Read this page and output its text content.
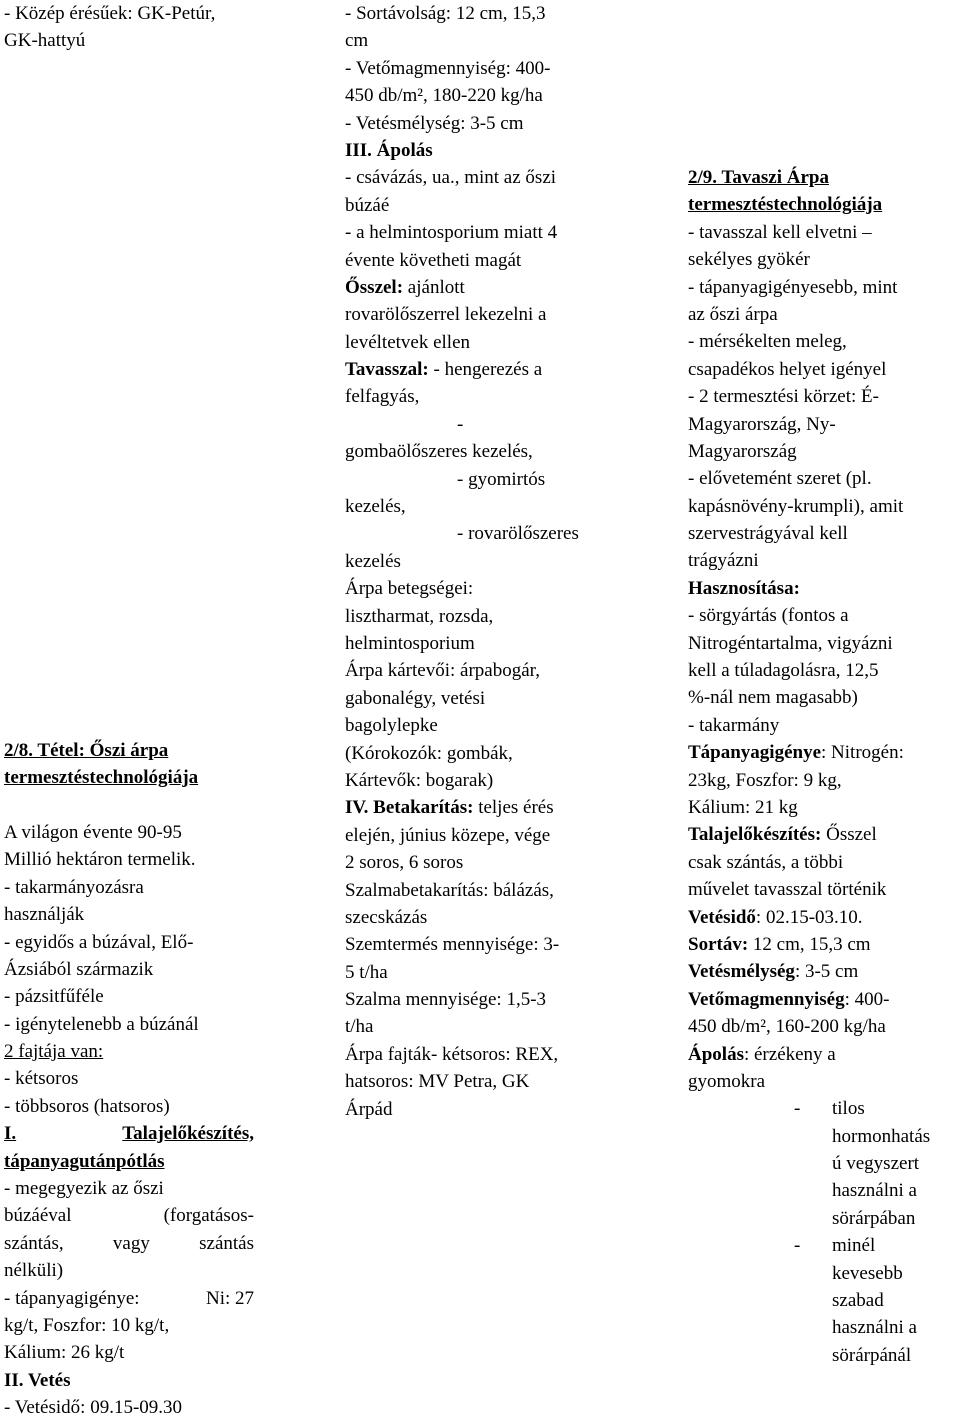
- Közép érésűek: GK-Petúr,
GK-hattyú
2/8. Tétel: Őszi árpa
termesztéstechnológiája
A világon évente 90-95
Millió hektáron termelik.
- takarmányozásra
használják
- egyidős a búzával, Elő-
Ázsiából származik
- pázsitfűféle
- igénytelenebb a búzánál
2 fajtája van:
- kétsoros
- többsoros (hatsoros)
I.	Talajelőkészítés,
tápanyagutánpótlás
- megegyezik az őszi
búzáéval	(forgatásos-
szántás,	vagy	szántás
nélküli)
- tápanyagigénye:	Ni: 27
kg/t, Foszfor: 10 kg/t,
Kálium: 26 kg/t
II. Vetés
- Vetésidő: 09.15-09.30
- Sortávolság: 12 cm, 15,3
cm
- Vetőmagmennyiség: 400-
450 db/m², 180-220 kg/ha
- Vetésmélység: 3-5 cm
III. Ápolás
- csávázás, ua., mint az őszi
búzáé
- a helmintosporium miatt 4
évente követheti magát
Ősszel: ajánlott
rovarölőszerrel lekezelni a
levéltetvek ellen
Tavasszal: - hengerezés a
felfagyás,
-
gombaölőszeres kezelés,
- gyomirtós
kezelés,
- rovarölőszeres
kezelés
Árpa betegségei:
lisztharmat, rozsda,
helmintosporium
Árpa kártevői: árpabogár,
gabonalégy, vetési
bagolylepke
(Kórokozók: gombák,
Kártevők: bogarak)
IV. Betakarítás: teljes érés
elején, június közepe, vége
2 soros, 6 soros
Szalmabetakarítás: bálázás,
szecskázás
Szemtermés mennyisége: 3-
5 t/ha
Szalma mennyisége: 1,5-3
t/ha
Árpa fajták- kétsoros: REX,
hatsoros: MV Petra, GK
Árpád
2/9. Tavaszi Árpa
termesztéstechnológiája
- tavasszal kell elvetni –
sekélyes gyökér
- tápanyagigényesebb, mint
az őszi árpa
- mérsékelten meleg,
csapadékos helyet igényel
- 2 termesztési körzet: É-
Magyarország, Ny-
Magyarország
- elővetemént szeret (pl.
kapásnövény-krumpli), amit
szervestrágyával kell
trágyázni
Hasznosítása:
- sörgyártás (fontos a
Nitrogéntartalma, vigyázni
kell a túladagolásra, 12,5
%-nál nem magasabb)
- takarmány
Tápanyagigénye: Nitrogén:
23kg, Foszfor: 9 kg,
Kálium: 21 kg
Talajelőkészítés: Ősszel
csak szántás, a többi
művelet tavasszal történik
Vetésidő: 02.15-03.10.
Sortáv: 12 cm, 15,3 cm
Vetésmélység: 3-5 cm
Vetőmagmennyiség: 400-
450 db/m², 160-200 kg/ha
Ápolás: érzékeny a
gyomokra
-	tilos
hormonhatás
ú vegyszert
használni a
sörárpában
-	minél
kevesebb
szabad
használni a
sörárpánál
